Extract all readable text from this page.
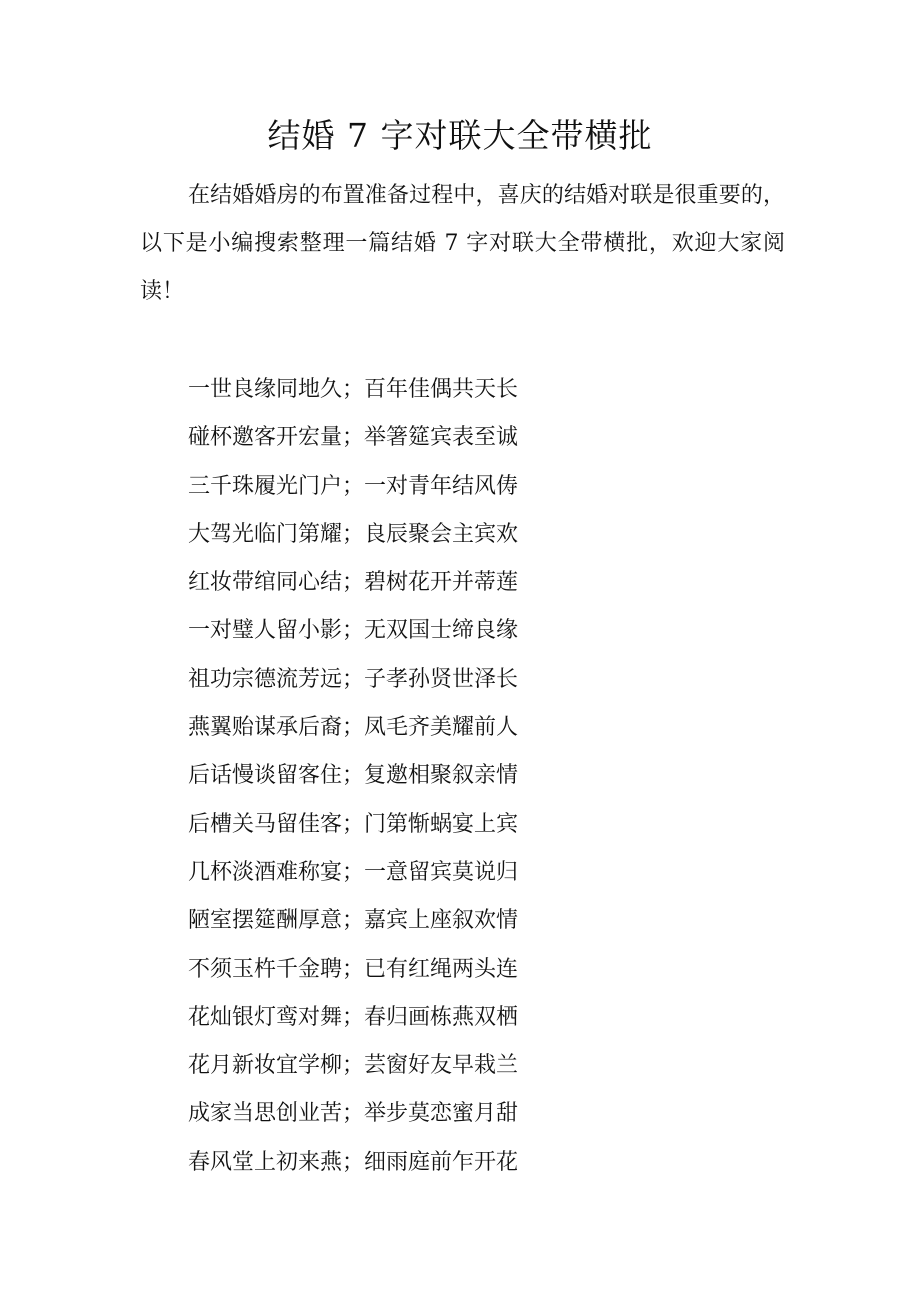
结婚 7 字对联大全带横批

在结婚婚房的布置准备过程中，喜庆的结婚对联是很重要的，以下是小编搜索整理一篇结婚 7 字对联大全带横批，欢迎大家阅读！

一世良缘同地久；百年佳偶共天长
碰杯邀客开宏量；举箸筵宾表至诚
三千珠履光门户；一对青年结风俦
大驾光临门第耀；良辰聚会主宾欢
红妆带绾同心结；碧树花开并蒂莲
一对璧人留小影；无双国士缔良缘
祖功宗德流芳远；子孝孙贤世泽长
燕翼贻谋承后裔；凤毛齐美耀前人
后话慢谈留客住；复邀相聚叙亲情
后槽关马留佳客；门第惭蜗宴上宾
几杯淡酒难称宴；一意留宾莫说归
陋室摆筵酬厚意；嘉宾上座叙欢情
不须玉杵千金聘；已有红绳两头连
花灿银灯鸾对舞；春归画栋燕双栖
花月新妆宜学柳；芸窗好友早栽兰
成家当思创业苦；举步莫恋蜜月甜
春风堂上初来燕；细雨庭前乍开花
